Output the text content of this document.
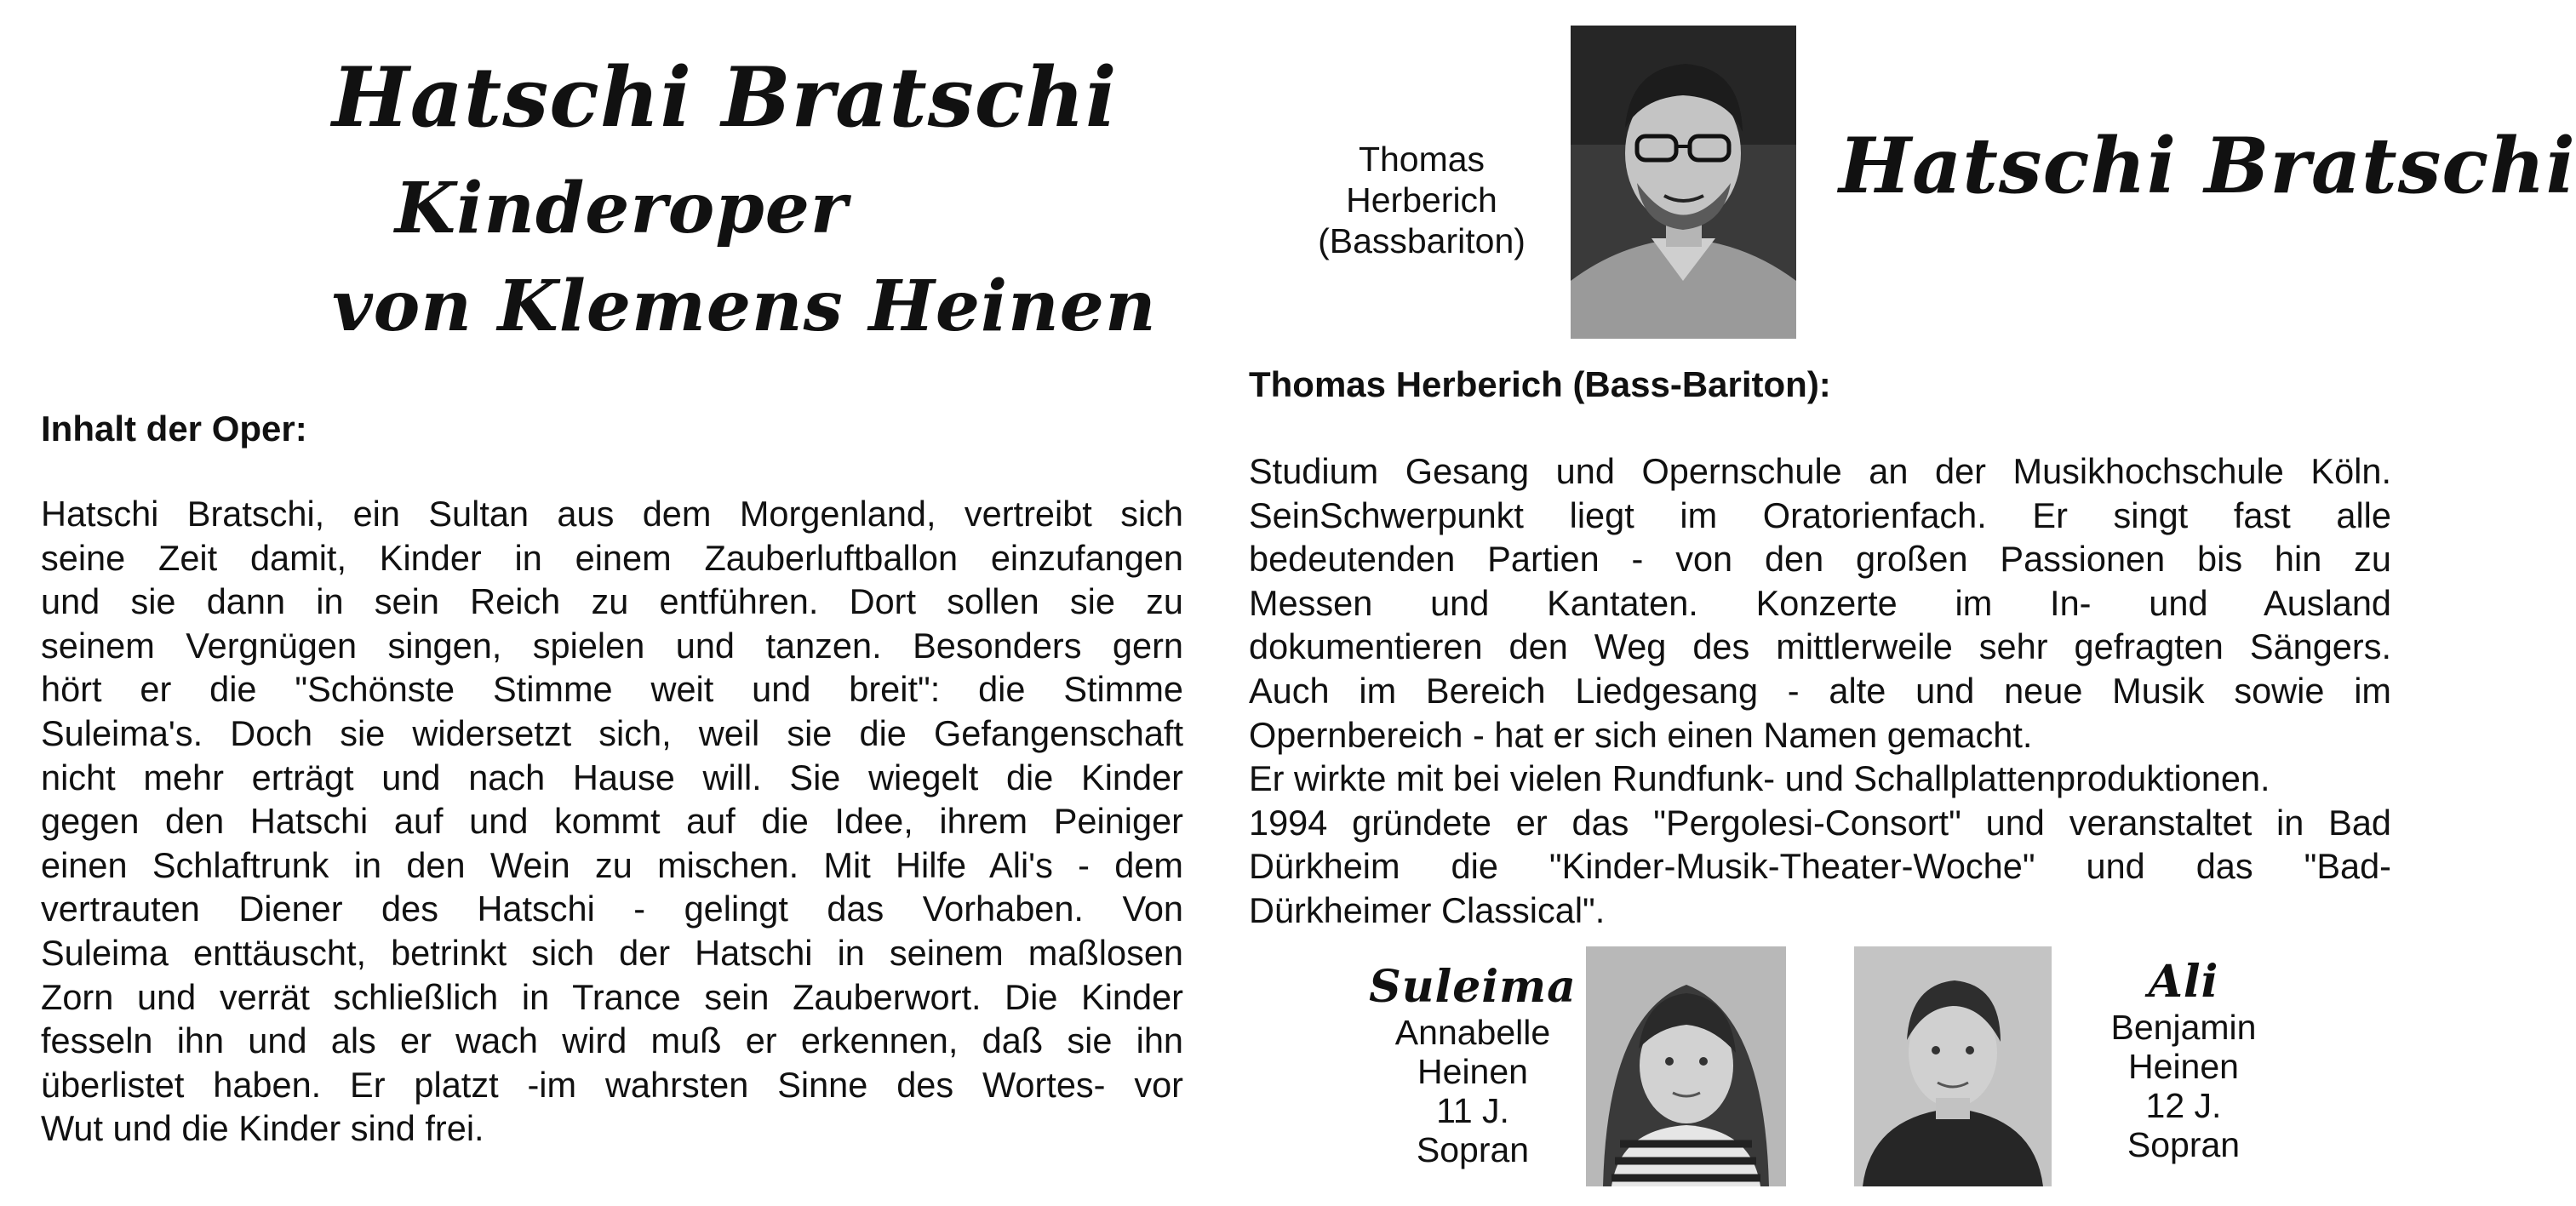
Hatschi Bratschi
Kinderoper
von Klemens Heinen
Inhalt der Oper:
Hatschi Bratschi, ein Sultan aus dem Morgenland, vertreibt sich
seine Zeit damit, Kinder in einem Zauberluftballon einzufangen
und sie dann in sein Reich zu entführen. Dort sollen sie zu
seinem Vergnügen singen, spielen und tanzen. Besonders gern
hört er die "Schönste Stimme weit und breit": die Stimme
Suleima's. Doch sie widersetzt sich, weil sie die Gefangenschaft
nicht mehr erträgt und nach Hause will. Sie wiegelt die Kinder
gegen den Hatschi auf und kommt auf die Idee, ihrem Peiniger
einen Schlaftrunk in den Wein zu mischen. Mit Hilfe Ali's - dem
vertrauten Diener des Hatschi - gelingt das Vorhaben. Von
Suleima enttäuscht, betrinkt sich der Hatschi in seinem maßlosen
Zorn und verrät schließlich in Trance sein Zauberwort. Die Kinder
fesseln ihn und als er wach wird muß er erkennen, daß sie ihn
überlistet haben. Er platzt -im wahrsten Sinne des Wortes- vor
Wut und die Kinder sind frei.
Thomas
Herberich
(Bassbariton)
Hatschi Bratschi
Thomas Herberich (Bass-Bariton):
Studium Gesang und Opernschule an der Musikhochschule Köln.
SeinSchwerpunkt liegt im Oratorienfach. Er singt fast alle
bedeutenden Partien - von den großen Passionen bis hin zu
Messen und Kantaten. Konzerte im In- und Ausland
dokumentieren den Weg des mittlerweile sehr gefragten Sängers.
Auch im Bereich Liedgesang - alte und neue Musik sowie im
Opernbereich - hat er sich einen Namen gemacht.
Er wirkte mit bei vielen Rundfunk- und Schallplattenproduktionen.
1994 gründete er das "Pergolesi-Consort" und veranstaltet in Bad
Dürkheim die "Kinder-Musik-Theater-Woche" und das "Bad-
Dürkheimer Classical".
Suleima
Annabelle
Heinen
11 J.
Sopran
Ali
Benjamin
Heinen
12 J.
Sopran
